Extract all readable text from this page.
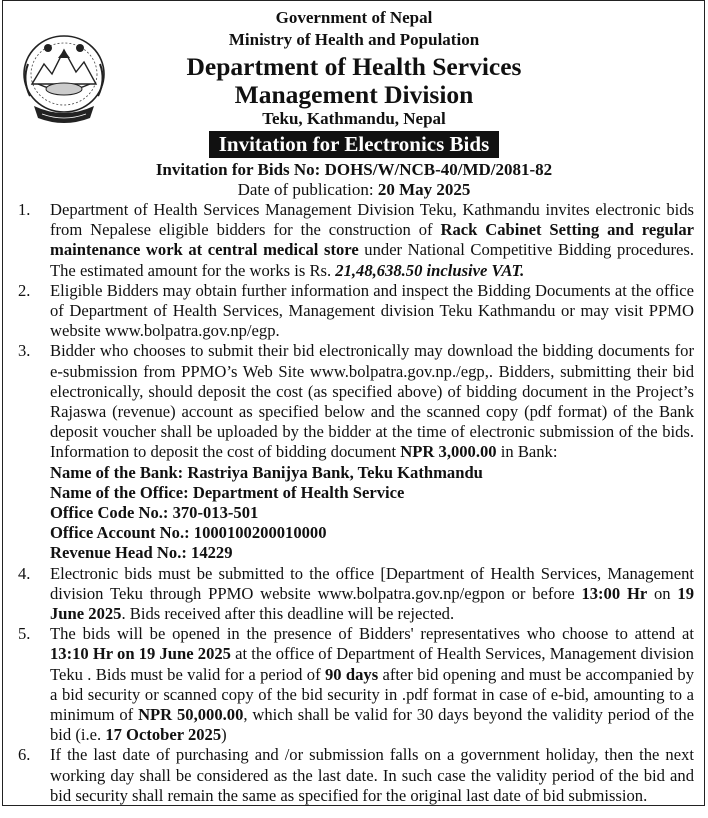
Government of Nepal
Ministry of Health and Population
Department of Health Services
Management Division
Teku, Kathmandu, Nepal
Invitation for Electronics Bids
Invitation for Bids No: DOHS/W/NCB-40/MD/2081-82
Date of publication: 20 May 2025
1. Department of Health Services Management Division Teku, Kathmandu invites electronic bids from Nepalese eligible bidders for the construction of Rack Cabinet Setting and regular maintenance work at central medical store under National Competitive Bidding procedures. The estimated amount for the works is Rs. 21,48,638.50 inclusive VAT.
2. Eligible Bidders may obtain further information and inspect the Bidding Documents at the office of Department of Health Services, Management division Teku Kathmandu or may visit PPMO website www.bolpatra.gov.np/egp.
3. Bidder who chooses to submit their bid electronically may download the bidding documents for e-submission from PPMO’s Web Site www.bolpatra.gov.np./egp,. Bidders, submitting their bid electronically, should deposit the cost (as specified above) of bidding document in the Project’s Rajaswa (revenue) account as specified below and the scanned copy (pdf format) of the Bank deposit voucher shall be uploaded by the bidder at the time of electronic submission of the bids. Information to deposit the cost of bidding document NPR 3,000.00 in Bank:
Name of the Bank: Rastriya Banijya Bank, Teku Kathmandu
Name of the Office: Department of Health Service
Office Code No.: 370-013-501
Office Account No.: 1000100200010000
Revenue Head No.: 14229
4. Electronic bids must be submitted to the office [Department of Health Services, Management division Teku through PPMO website www.bolpatra.gov.np/egpon or before 13:00 Hr on 19 June 2025. Bids received after this deadline will be rejected.
5. The bids will be opened in the presence of Bidders' representatives who choose to attend at 13:10 Hr on 19 June 2025 at the office of Department of Health Services, Management division Teku . Bids must be valid for a period of 90 days after bid opening and must be accompanied by a bid security or scanned copy of the bid security in .pdf format in case of e-bid, amounting to a minimum of NPR 50,000.00, which shall be valid for 30 days beyond the validity period of the bid (i.e. 17 October 2025)
6. If the last date of purchasing and /or submission falls on a government holiday, then the next working day shall be considered as the last date. In such case the validity period of the bid and bid security shall remain the same as specified for the original last date of bid submission.
